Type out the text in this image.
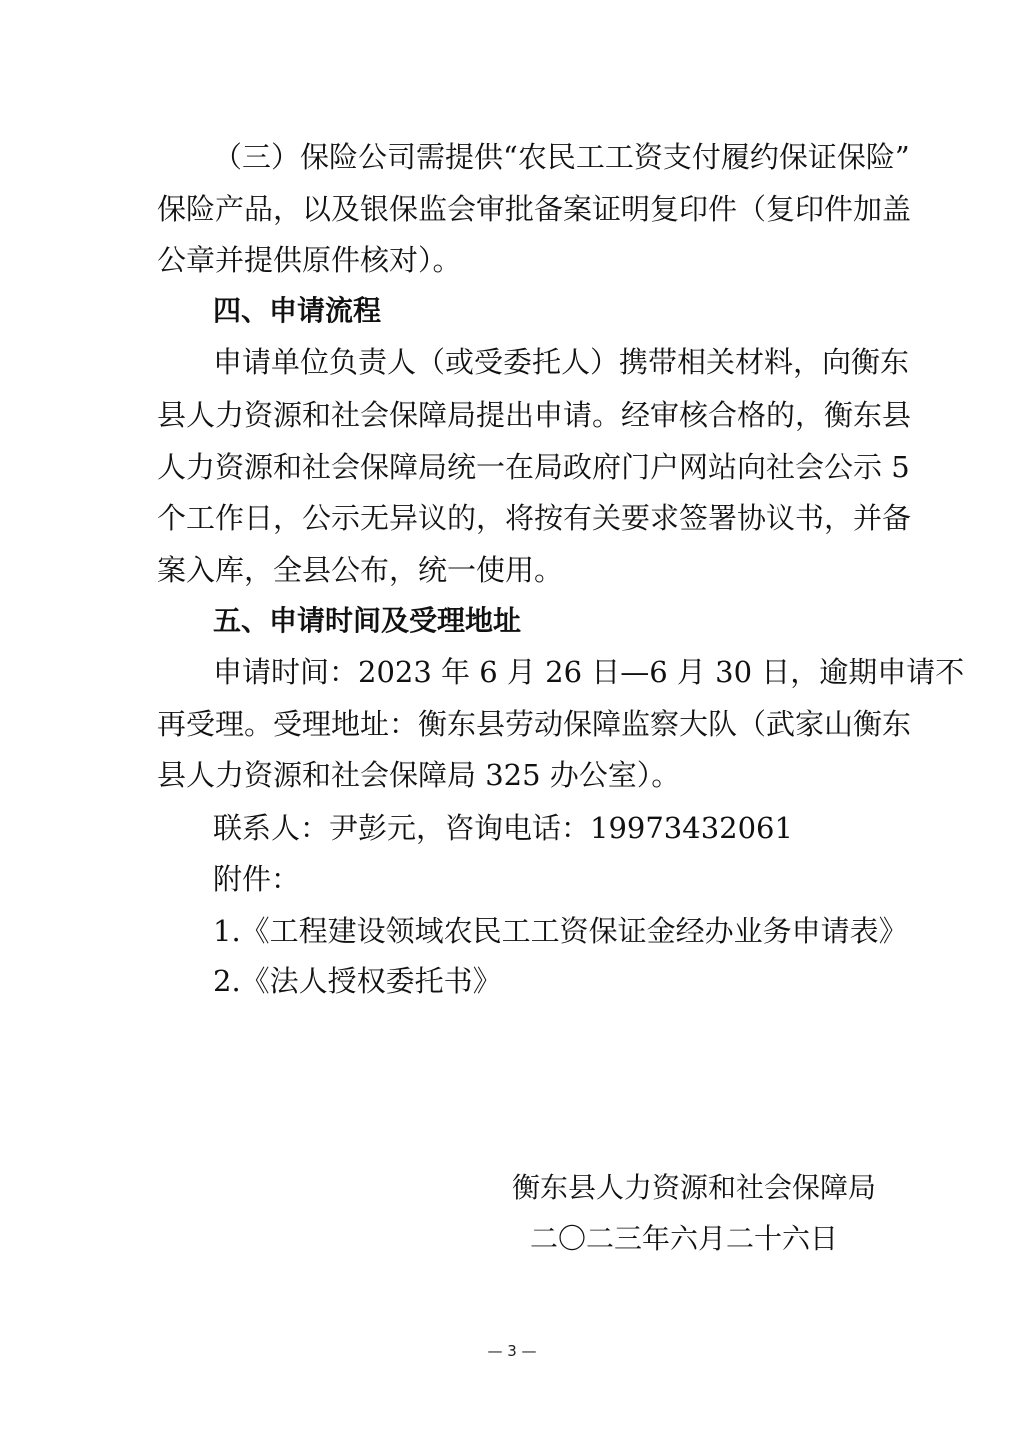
（三）保险公司需提供“农民工工资支付履约保证保险”
保险产品，以及银保监会审批备案证明复印件（复印件加盖
公章并提供原件核对）。
四、申请流程
申请单位负责人（或受委托人）携带相关材料，向衡东
县人力资源和社会保障局提出申请。经审核合格的，衡东县
人力资源和社会保障局统一在局政府门户网站向社会公示 5
个工作日，公示无异议的，将按有关要求签署协议书，并备
案入库，全县公布，统一使用。
五、申请时间及受理地址
申请时间：2023 年 6 月 26 日—6 月 30 日，逾期申请不
再受理。受理地址：衡东县劳动保障监察大队（武家山衡东
县人力资源和社会保障局 325 办公室）。
联系人：尹彭元，咨询电话：19973432061
附件：
1.《工程建设领域农民工工资保证金经办业务申请表》
2.《法人授权委托书》
衡东县人力资源和社会保障局
二〇二三年六月二十六日
— 3 —
